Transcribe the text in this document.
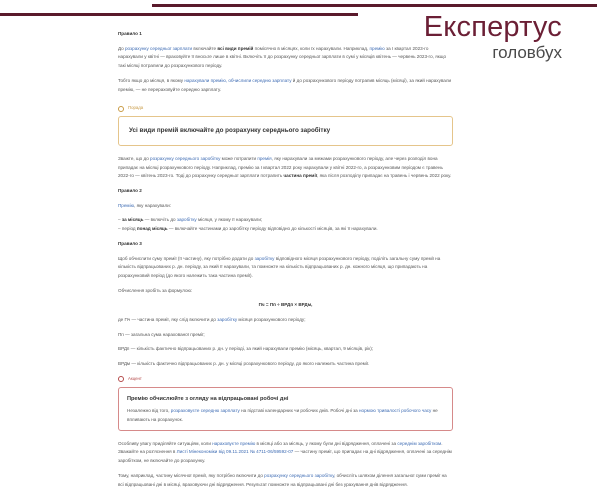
Експертус
головбух
Правило 1

До розрахунку середньої зарплати включайте всі види премій помісячно в місяцях, коли їх нарахували. Наприклад, премію за I квартал 2023-го нарахували у квітні — враховуйте її вносьте лише в квітні. Включіть її до розрахунку середньої зарплати в сумі у місяців квітень — червень 2023-го, якщо такі місяці потрапили до розрахункового періоду.

Тобто якщо до місяця, в якому нарахували премію, обчислили середню зарплату й до розрахункового періоду потрапив місяць (місяці), за який нарахували премію, — не перераховуйте середню зарплату.

Порада
Усі види премій включайте до розрахунку середнього заробітку

Зважте, що до розрахунку середнього заробітку може потрапити премія, яку нарахували за межами розрахункового періоду, але через розподіл вона припадає на місяці розрахункового періоду. Наприклад, премію за I квартал 2022 року нарахували у квітні 2022-го, а розрахунковим періодом є травень 2022-го — квітень 2023-го. Тоді до розрахунку середньої зарплати потрапить частина премії, яка після розподілу припадає на травень і червень 2022 року.

Правило 2

Премію, яку нарахували:

– за місяць — включіть до заробітку місяця, у якому її нарахували;
– період понад місяць — включайте частинами до заробітку періоду відповідно до кількості місяців, за які її нарахували.
Правило 3

Щоб обчислити суму премії (її частину), яку потрібно додати до заробітку відповідного місяця розрахункового періоду, поділіть загальну суму премії на кількість відпрацьованих р. дн. періоду, за який її нарахували, та помножте на кількість відпрацьованих р. дн. кожного місяця, що припадають на розрахунковий період (до якого належить така частина премії).

Обчислення зробіть за формулою:

Пч = Пп ÷ ВРДп × ВРДм,

де Пч — частина премії, яку слід включити до заробітку місяця розрахункового періоду;

Пп — загальна сума нарахованої премії;

ВРДп — кількість фактично відпрацьованих р. дн. у періоді, за який нарахували премію (місяць, квартал, 9 місяців, рік);

ВРДм — кількість фактично відпрацьованих р. дн. у місяці розрахункового періоду, до якого належить частина премії.

Акцент
Премію обчислюйте з огляду на відпрацьовані робочі дні

Незалежно від того, розраховуєте середню зарплату на підставі календарних чи робочих днів. Робочі дні за нормою тривалості робочого часу не впливають на розрахунок.

Особливу увагу приділяйте ситуаціям, коли нараховуєте премію в місяці або за місяць, у якому були дні відрядження, оплачені за середнім заробітком. Зважайте на роз'яснення в Листі Мінекономіки від 09.11.2021 № 4711-06/59592-07 — частину премії, що припадає на дні відрядження, оплачені за середнім заробітком, не включайте до розрахунку.

Тому, наприклад, частину місячної премії, яку потрібно включити до розрахунку середнього заробітку, обчисліть шляхом ділення загальної суми премії на всі відпрацьовані дні в місяці, враховуючи дні відрядження. Результат помножте на відпрацьовані дні без урахування днів відрядження.
